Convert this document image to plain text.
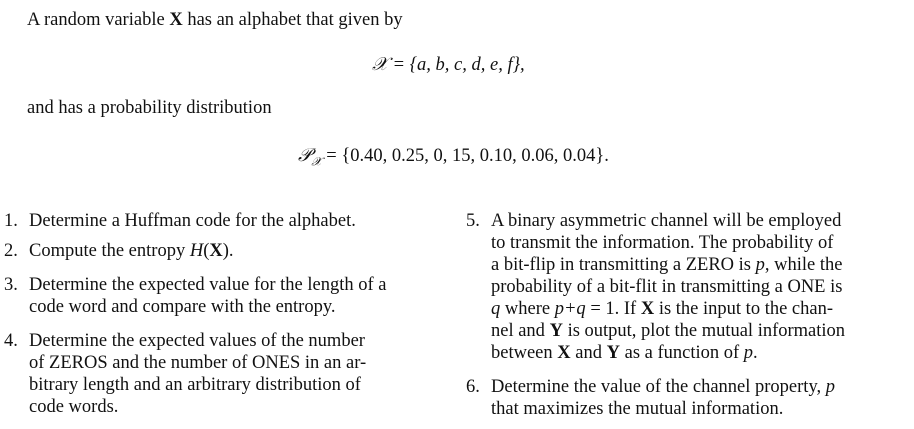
A random variable X has an alphabet that given by
𝒳 = {a, b, c, d, e, f},
and has a probability distribution
𝒫$_𝒳$ = {0.40, 0.25, 0, 15, 0.10, 0.06, 0.04}.
1. Determine a Huffman code for the alphabet.
2. Compute the entropy H(X).
3. Determine the expected value for the length of a
code word and compare with the entropy.
4. Determine the expected values of the number
of ZEROS and the number of ONES in an ar-
bitrary length and an arbitrary distribution of
code words.
5. A binary asymmetric channel will be employed
to transmit the information. The probability of
a bit-flip in transmitting a ZERO is p, while the
probability of a bit-flit in transmitting a ONE is
q where p+q = 1. If X is the input to the chan-
nel and Y is output, plot the mutual information
between X and Y as a function of p.
6. Determine the value of the channel property, p
that maximizes the mutual information.
